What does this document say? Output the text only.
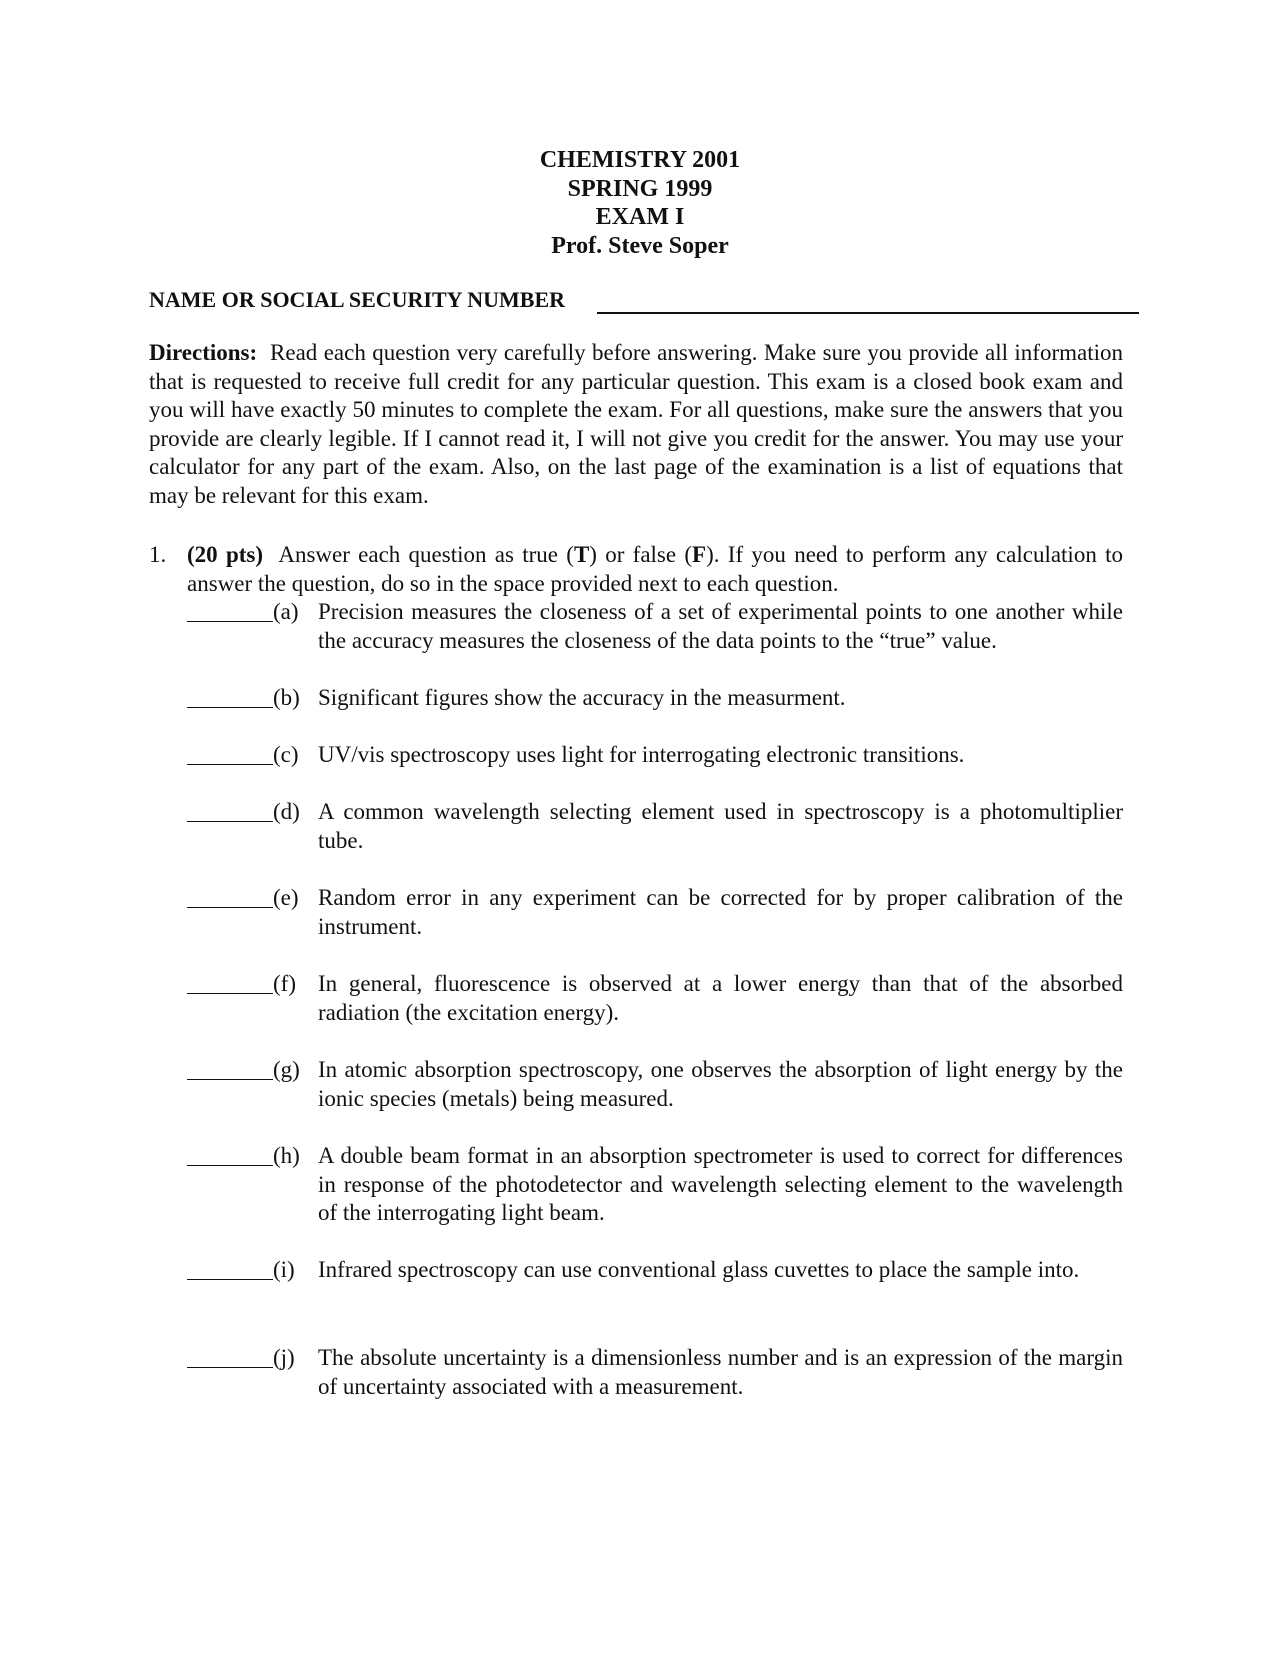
CHEMISTRY 2001
SPRING 1999
EXAM I
Prof. Steve Soper
NAME OR SOCIAL SECURITY NUMBER
Directions: Read each question very carefully before answering. Make sure you provide all information that is requested to receive full credit for any particular question. This exam is a closed book exam and you will have exactly 50 minutes to complete the exam. For all questions, make sure the answers that you provide are clearly legible. If I cannot read it, I will not give you credit for the answer. You may use your calculator for any part of the exam. Also, on the last page of the examination is a list of equations that may be relevant for this exam.
1. (20 pts) Answer each question as true (T) or false (F). If you need to perform any calculation to answer the question, do so in the space provided next to each question.
(a) Precision measures the closeness of a set of experimental points to one another while the accuracy measures the closeness of the data points to the “true” value.
(b) Significant figures show the accuracy in the measurment.
(c) UV/vis spectroscopy uses light for interrogating electronic transitions.
(d) A common wavelength selecting element used in spectroscopy is a photomultiplier tube.
(e) Random error in any experiment can be corrected for by proper calibration of the instrument.
(f) In general, fluorescence is observed at a lower energy than that of the absorbed radiation (the excitation energy).
(g) In atomic absorption spectroscopy, one observes the absorption of light energy by the ionic species (metals) being measured.
(h) A double beam format in an absorption spectrometer is used to correct for differences in response of the photodetector and wavelength selecting element to the wavelength of the interrogating light beam.
(i) Infrared spectroscopy can use conventional glass cuvettes to place the sample into.
(j) The absolute uncertainty is a dimensionless number and is an expression of the margin of uncertainty associated with a measurement.
